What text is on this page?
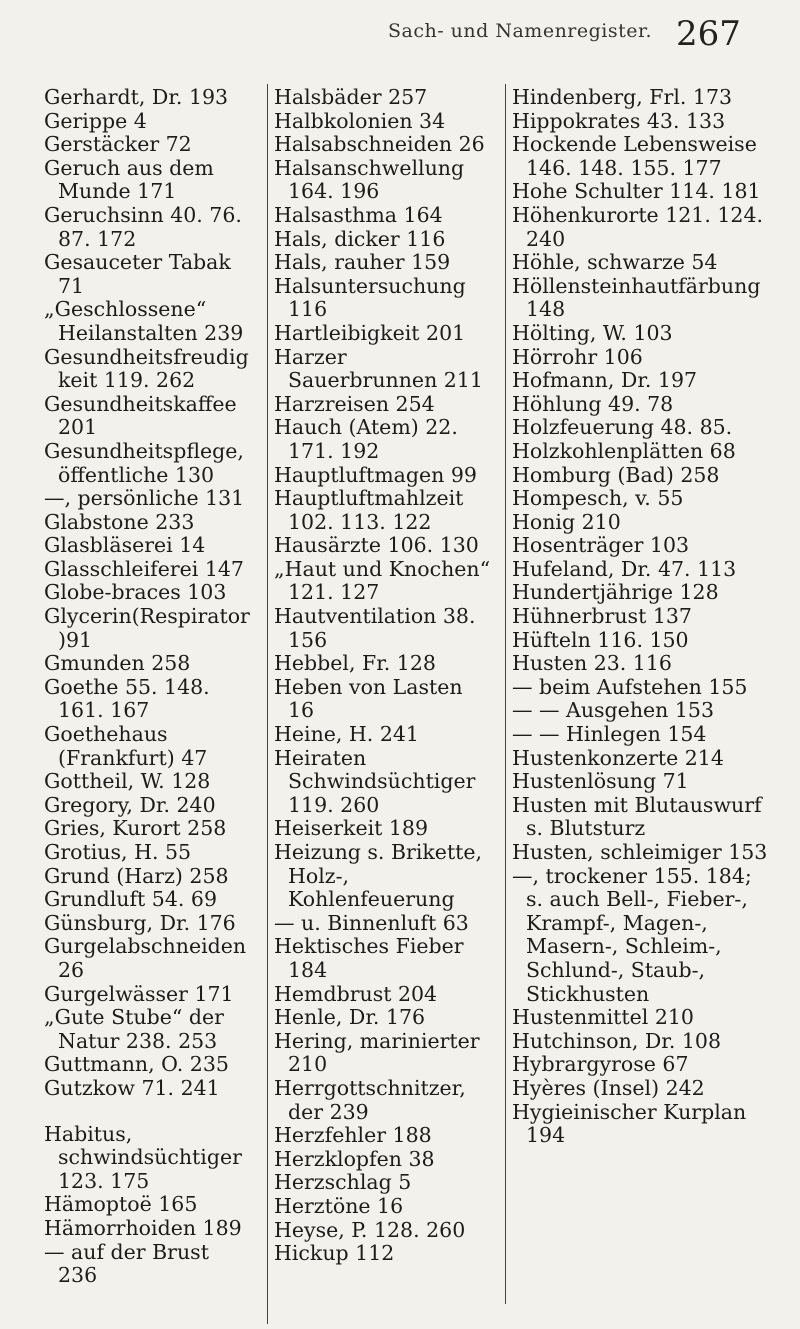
Sach- und Namenregister. 267

Gerhardt, Dr. 193

Gerippe 4

Gerstäcker 72

Geruch aus dem Munde 171

Geruchsinn 40. 76. 87. 172

Gesauceter Tabak 71

„Geschlossene“ Heilanstalten 239

Gesundheitsfreudigkeit 119. 262

Gesundheitskaffee 201

Gesundheitspflege, öffentliche 130

—, persönliche 131

Glabstone 233

Glasbläserei 14

Glasschleiferei 147

Globe-braces 103

Glycerin(Respirator)91

Gmunden 258

Goethe 55. 148. 161. 167

Goethehaus (Frankfurt) 47

Gottheil, W. 128

Gregory, Dr. 240

Gries, Kurort 258

Grotius, H. 55

Grund (Harz) 258

Grundluft 54. 69

Günsburg, Dr. 176

Gurgelabschneiden 26

Gurgelwässer 171

„Gute Stube“ der Natur 238. 253

Guttmann, O. 235

Gutzkow 71. 241

Habitus, schwindsüchtiger 123. 175

Hämoptoë 165

Hämorrhoiden 189

— auf der Brust 236

Halsbäder 257

Halbkolonien 34

Halsabschneiden 26

Halsanschwellung 164. 196

Halsasthma 164

Hals, dicker 116

Hals, rauher 159

Halsuntersuchung 116

Hartleibigkeit 201

Harzer Sauerbrunnen 211

Harzreisen 254

Hauch (Atem) 22. 171. 192

Hauptluftmagen 99

Hauptluftmahlzeit 102. 113. 122

Hausärzte 106. 130

„Haut und Knochen“ 121. 127

Hautventilation 38. 156

Hebbel, Fr. 128

Heben von Lasten 16

Heine, H. 241

Heiraten Schwindsüchtiger 119. 260

Heiserkeit 189

Heizung s. Brikette, Holz-, Kohlenfeuerung

— u. Binnenluft 63

Hektisches Fieber 184

Hemdbrust 204

Henle, Dr. 176

Hering, marinierter 210

Herrgottschnitzer, der 239

Herzfehler 188

Herzklopfen 38

Herzschlag 5

Herztöne 16

Heyse, P. 128. 260

Hickup 112

Hindenberg, Frl. 173

Hippokrates 43. 133

Hockende Lebensweise 146. 148. 155. 177

Hohe Schulter 114. 181

Höhenkurorte 121. 124. 240

Höhle, schwarze 54

Höllensteinhautfärbung 148

Hölting, W. 103

Hörrohr 106

Hofmann, Dr. 197

Höhlung 49. 78

Holzfeuerung 48. 85.

Holzkohlenplätten 68

Homburg (Bad) 258

Hompesch, v. 55

Honig 210

Hosenträger 103

Hufeland, Dr. 47. 113

Hundertjährige 128

Hühnerbrust 137

Hüfteln 116. 150

Husten 23. 116

— beim Aufstehen 155

— — Ausgehen 153

— — Hinlegen 154

Hustenkonzerte 214

Hustenlösung 71

Husten mit Blutauswurf s. Blutsturz

Husten, schleimiger 153

—, trockener 155. 184; s. auch Bell-, Fieber-, Krampf-, Magen-, Masern-, Schleim-, Schlund-, Staub-, Stickhusten

Hustenmittel 210

Hutchinson, Dr. 108

Hybrargyrose 67

Hyères (Insel) 242

Hygieinischer Kurplan 194
